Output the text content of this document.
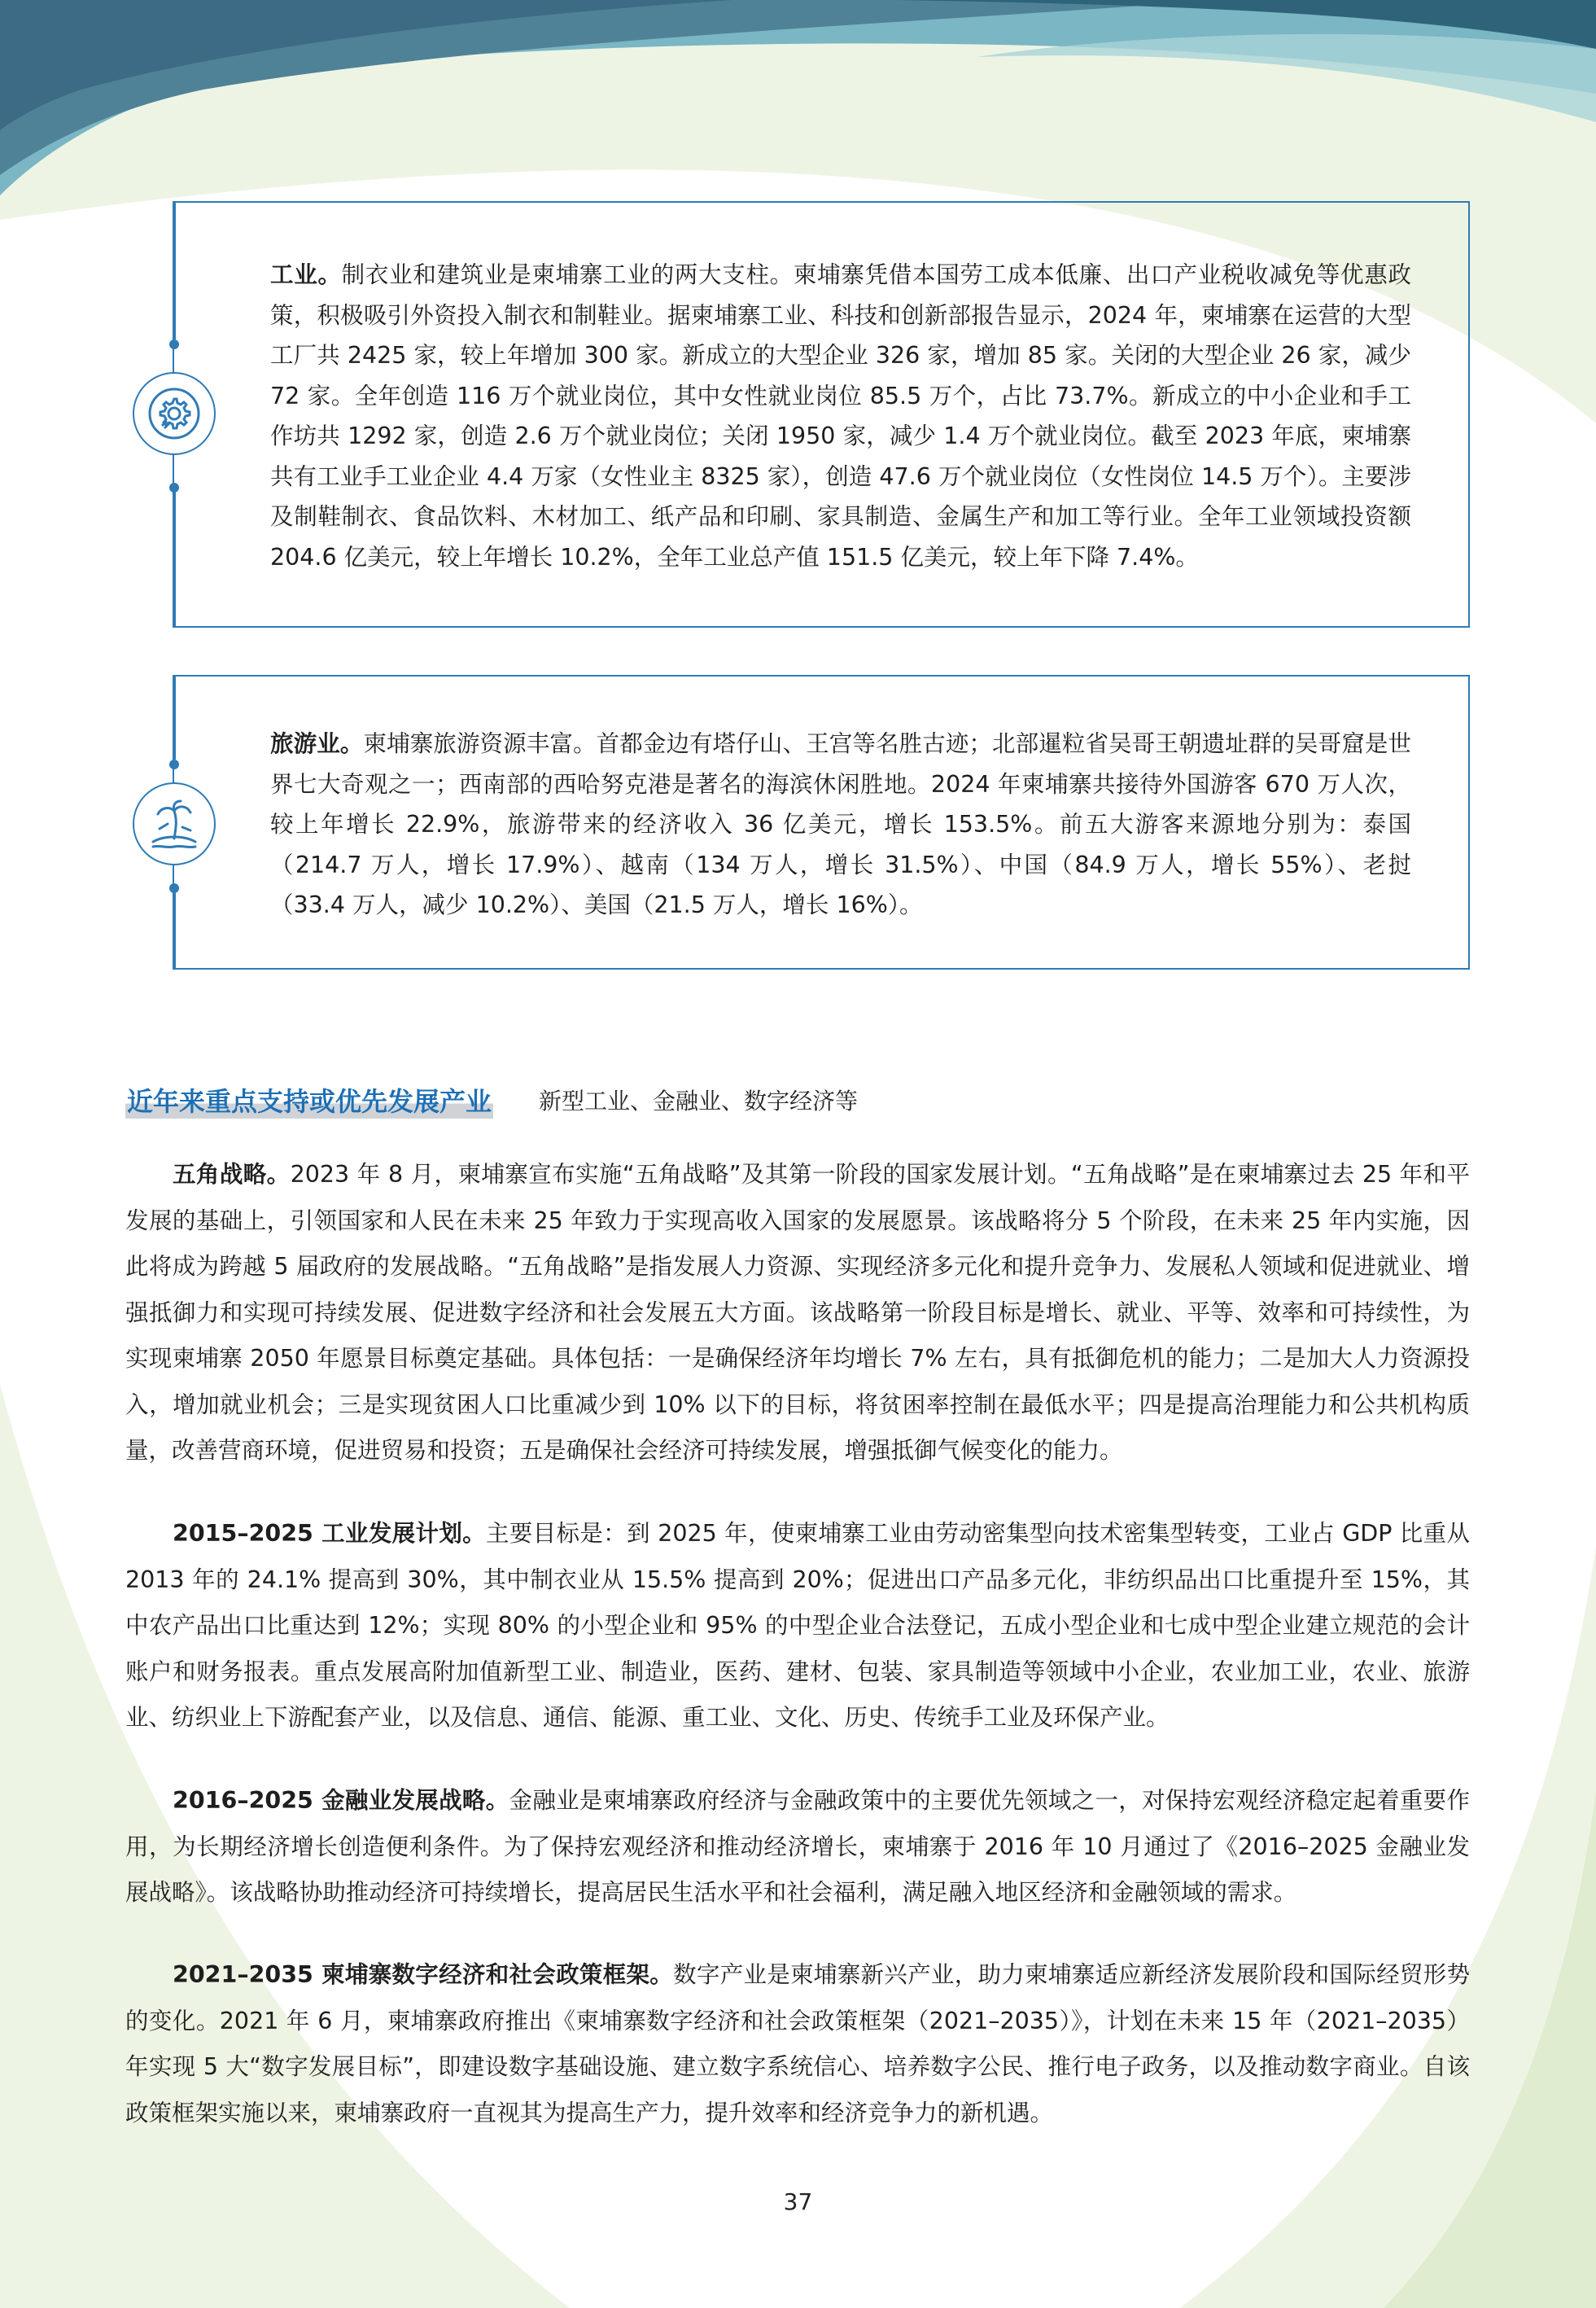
工业。制衣业和建筑业是柬埔寨工业的两大支柱。柬埔寨凭借本国劳工成本低廉、出口产业税收减免等优惠政策，积极吸引外资投入制衣和制鞋业。据柬埔寨工业、科技和创新部报告显示，2024 年，柬埔寨在运营的大型工厂共 2425 家，较上年增加 300 家。新成立的大型企业 326 家，增加 85 家。关闭的大型企业 26 家，减少 72 家。全年创造 116 万个就业岗位，其中女性就业岗位 85.5 万个，占比 73.7%。新成立的中小企业和手工作坊共 1292 家，创造 2.6 万个就业岗位；关闭 1950 家，减少 1.4 万个就业岗位。截至 2023 年底，柬埔寨共有工业手工业企业 4.4 万家（女性业主 8325 家），创造 47.6 万个就业岗位（女性岗位 14.5 万个）。主要涉及制鞋制衣、食品饮料、木材加工、纸产品和印刷、家具制造、金属生产和加工等行业。全年工业领域投资额 204.6 亿美元，较上年增长 10.2%，全年工业总产值 151.5 亿美元，较上年下降 7.4%。
旅游业。柬埔寨旅游资源丰富。首都金边有塔仔山、王宫等名胜古迹；北部暹粒省吴哥王朝遗址群的吴哥窟是世界七大奇观之一；西南部的西哈努克港是著名的海滨休闲胜地。2024 年柬埔寨共接待外国游客 670 万人次，较上年增长 22.9%，旅游带来的经济收入 36 亿美元，增长 153.5%。前五大游客来源地分别为：泰国（214.7 万人，增长 17.9%）、越南（134 万人，增长 31.5%）、中国（84.9 万人，增长 55%）、老挝（33.4 万人，减少 10.2%）、美国（21.5 万人，增长 16%）。
近年来重点支持或优先发展产业 新型工业、金融业、数字经济等
五角战略。2023 年 8 月，柬埔寨宣布实施“五角战略”及其第一阶段的国家发展计划。“五角战略”是在柬埔寨过去 25 年和平发展的基础上，引领国家和人民在未来 25 年致力于实现高收入国家的发展愿景。该战略将分 5 个阶段，在未来 25 年内实施，因此将成为跨越 5 届政府的发展战略。“五角战略”是指发展人力资源、实现经济多元化和提升竞争力、发展私人领域和促进就业、增强抵御力和实现可持续发展、促进数字经济和社会发展五大方面。该战略第一阶段目标是增长、就业、平等、效率和可持续性，为实现柬埔寨 2050 年愿景目标奠定基础。具体包括：一是确保经济年均增长 7% 左右，具有抵御危机的能力；二是加大人力资源投入，增加就业机会；三是实现贫困人口比重减少到 10% 以下的目标，将贫困率控制在最低水平；四是提高治理能力和公共机构质量，改善营商环境，促进贸易和投资；五是确保社会经济可持续发展，增强抵御气候变化的能力。
2015–2025 工业发展计划。主要目标是：到 2025 年，使柬埔寨工业由劳动密集型向技术密集型转变，工业占 GDP 比重从 2013 年的 24.1% 提高到 30%，其中制衣业从 15.5% 提高到 20%；促进出口产品多元化，非纺织品出口比重提升至 15%，其中农产品出口比重达到 12%；实现 80% 的小型企业和 95% 的中型企业合法登记，五成小型企业和七成中型企业建立规范的会计账户和财务报表。重点发展高附加值新型工业、制造业，医药、建材、包装、家具制造等领域中小企业，农业加工业，农业、旅游业、纺织业上下游配套产业，以及信息、通信、能源、重工业、文化、历史、传统手工业及环保产业。
2016–2025 金融业发展战略。金融业是柬埔寨政府经济与金融政策中的主要优先领域之一，对保持宏观经济稳定起着重要作用，为长期经济增长创造便利条件。为了保持宏观经济和推动经济增长，柬埔寨于 2016 年 10 月通过了《2016–2025 金融业发展战略》。该战略协助推动经济可持续增长，提高居民生活水平和社会福利，满足融入地区经济和金融领域的需求。
2021–2035 柬埔寨数字经济和社会政策框架。数字产业是柬埔寨新兴产业，助力柬埔寨适应新经济发展阶段和国际经贸形势的变化。2021 年 6 月，柬埔寨政府推出《柬埔寨数字经济和社会政策框架（2021–2035）》，计划在未来 15 年（2021–2035）年实现 5 大“数字发展目标”，即建设数字基础设施、建立数字系统信心、培养数字公民、推行电子政务，以及推动数字商业。自该政策框架实施以来，柬埔寨政府一直视其为提高生产力，提升效率和经济竞争力的新机遇。
37
